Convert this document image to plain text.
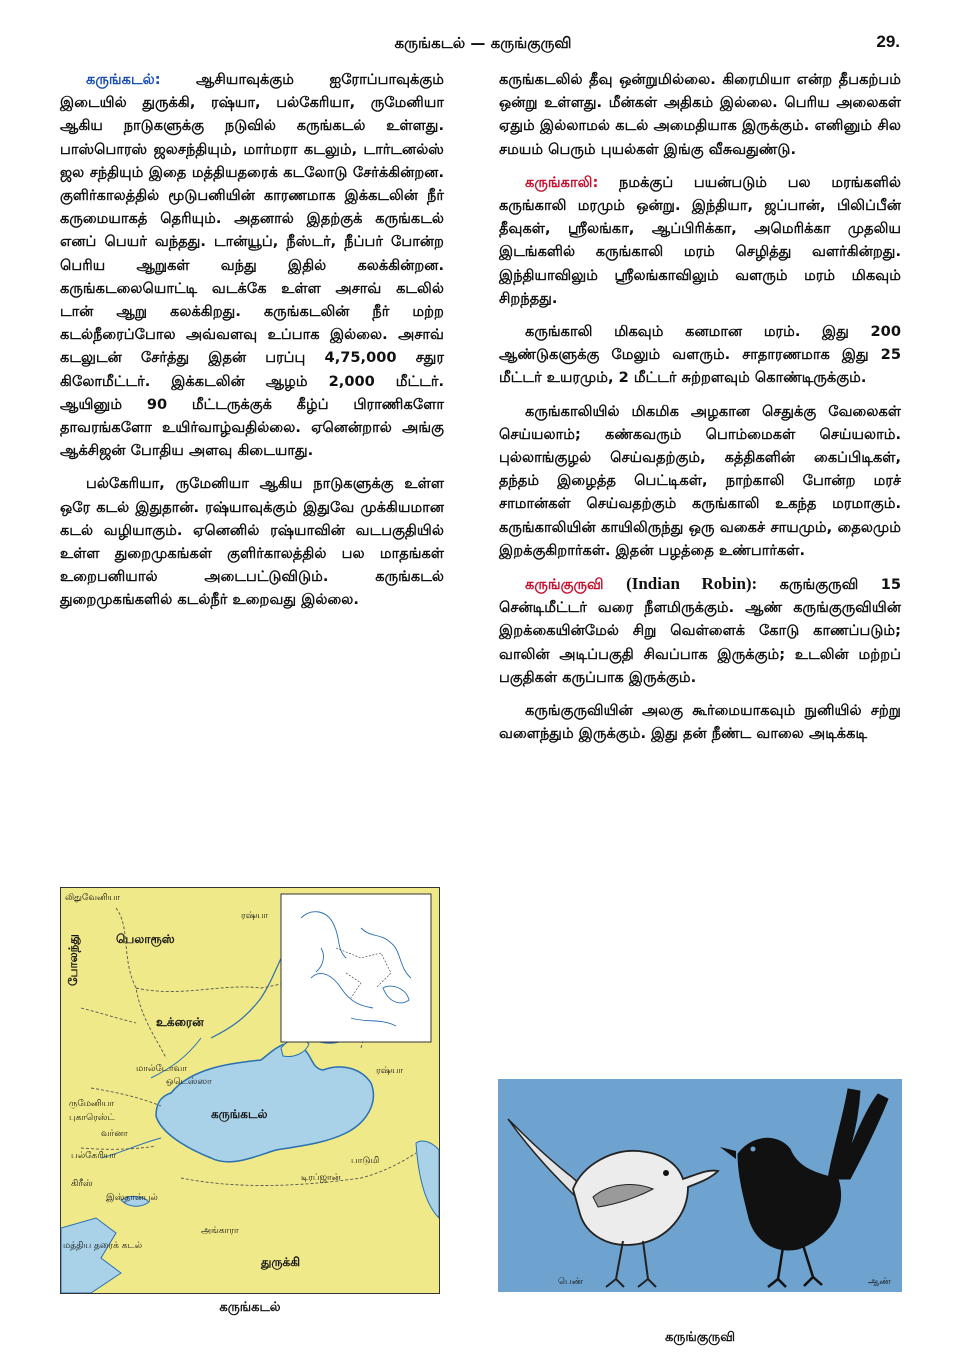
கருங்கடல் — கருங்குருவி	29.

கருங்கடல்: ஆசியாவுக்கும் ஐரோப்பாவுக்கும் இடையில் துருக்கி, ரஷ்யா, பல்கேரியா, ருமேனியா ஆகிய நாடுகளுக்கு நடுவில் கருங்கடல் உள்ளது. பாஸ்பொரஸ் ஜலசந்தியும், மார்மரா கடலும், டார்டனல்ஸ் ஜல சந்தியும் இதை மத்தியதரைக் கடலோடு சேர்க்கின்றன. குளிர்காலத்தில் மூடுபனியின் காரணமாக இக்கடலின் நீர் கருமையாகத் தெரியும். அதனால் இதற்குக் கருங்கடல் எனப் பெயர் வந்தது. டான்யூப், நீஸ்டர், நீப்பர் போன்ற பெரிய ஆறுகள் வந்து இதில் கலக்கின்றன. கருங்கடலையொட்டி வடக்கே உள்ள அசாவ் கடலில் டான் ஆறு கலக்கிறது. கருங்கடலின் நீர் மற்ற கடல்நீரைப்போல அவ்வளவு உப்பாக இல்லை. அசாவ் கடலுடன் சேர்த்து இதன் பரப்பு 4,75,000 சதுர கிலோமீட்டர். இக்கடலின் ஆழம் 2,000 மீட்டர். ஆயினும் 90 மீட்டருக்குக் கீழ்ப் பிராணிகளோ தாவரங்களோ உயிர்வாழ்வதில்லை. ஏனென்றால் அங்கு ஆக்சிஜன் போதிய அளவு கிடையாது.

பல்கேரியா, ருமேனியா ஆகிய நாடுகளுக்கு உள்ள ஒரே கடல் இதுதான். ரஷ்யாவுக்கும் இதுவே முக்கியமான கடல் வழியாகும். ஏனெனில் ரஷ்யாவின் வடபகுதியில் உள்ள துறைமுகங்கள் குளிர்காலத்தில் பல மாதங்கள் உறைபனியால் அடைபட்டுவிடும். கருங்கடல் துறைமுகங்களில் கடல்நீர் உறைவது இல்லை.

கருங்கடலில் தீவு ஒன்றுமில்லை. கிரைமியா என்ற தீபகற்பம் ஒன்று உள்ளது. மீன்கள் அதிகம் இல்லை. பெரிய அலைகள் ஏதும் இல்லாமல் கடல் அமைதியாக இருக்கும். எனினும் சில சமயம் பெரும் புயல்கள் இங்கு வீசுவதுண்டு.

கருங்காலி: நமக்குப் பயன்படும் பல மரங்களில் கருங்காலி மரமும் ஒன்று. இந்தியா, ஜப்பான், பிலிப்பீன் தீவுகள், ஸ்ரீலங்கா, ஆப்பிரிக்கா, அமெரிக்கா முதலிய இடங்களில் கருங்காலி மரம் செழித்து வளர்கின்றது. இந்தியாவிலும் ஸ்ரீலங்காவிலும் வளரும் மரம் மிகவும் சிறந்தது.

கருங்காலி மிகவும் கனமான மரம். இது 200 ஆண்டுகளுக்கு மேலும் வளரும். சாதாரணமாக இது 25 மீட்டர் உயரமும், 2 மீட்டர் சுற்றளவும் கொண்டிருக்கும்.

கருங்காலியில் மிகமிக அழகான செதுக்கு வேலைகள் செய்யலாம்; கண்கவரும் பொம்மைகள் செய்யலாம். புல்லாங்குழல் செய்வதற்கும், கத்திகளின் கைப்பிடிகள், தந்தம் இழைத்த பெட்டிகள், நாற்காலி போன்ற மரச் சாமான்கள் செய்வதற்கும் கருங்காலி உகந்த மரமாகும். கருங்காலியின் காயிலிருந்து ஒரு வகைச் சாயமும், தைலமும் இறக்குகிறார்கள். இதன் பழத்தை உண்பார்கள்.

கருங்குருவி (Indian Robin): கருங்குருவி 15 சென்டிமீட்டர் வரை நீளமிருக்கும். ஆண் கருங்குருவியின் இறக்கையின்மேல் சிறு வெள்ளைக் கோடு காணப்படும்; வாலின் அடிப்பகுதி சிவப்பாக இருக்கும்; உடலின் மற்றப் பகுதிகள் கருப்பாக இருக்கும்.

கருங்குருவியின் அலகு கூர்மையாகவும் நுனியில் சற்று வளைந்தும் இருக்கும். இது தன் நீண்ட வாலை அடிக்கடி

லிதுவேனியா
ரஷ்யா
போலந்து	பெலாரூஸ்
உக்ரைன்
மால்டோவா
ஒடெஸ்ஸா
ருமேனியா
புகாரெஸ்ட்
வர்னா
பல்கேரியா
கிரீஸ்
இஸ்தான்புல்
கருங்கடல்
ரஷ்யா
பாடுமி
டிரப்ஜான்
அங்காரா
துருக்கி
மத்திய தரைக் கடல்
கருங்கடல்
பெண்	ஆண்
கருங்குருவி
